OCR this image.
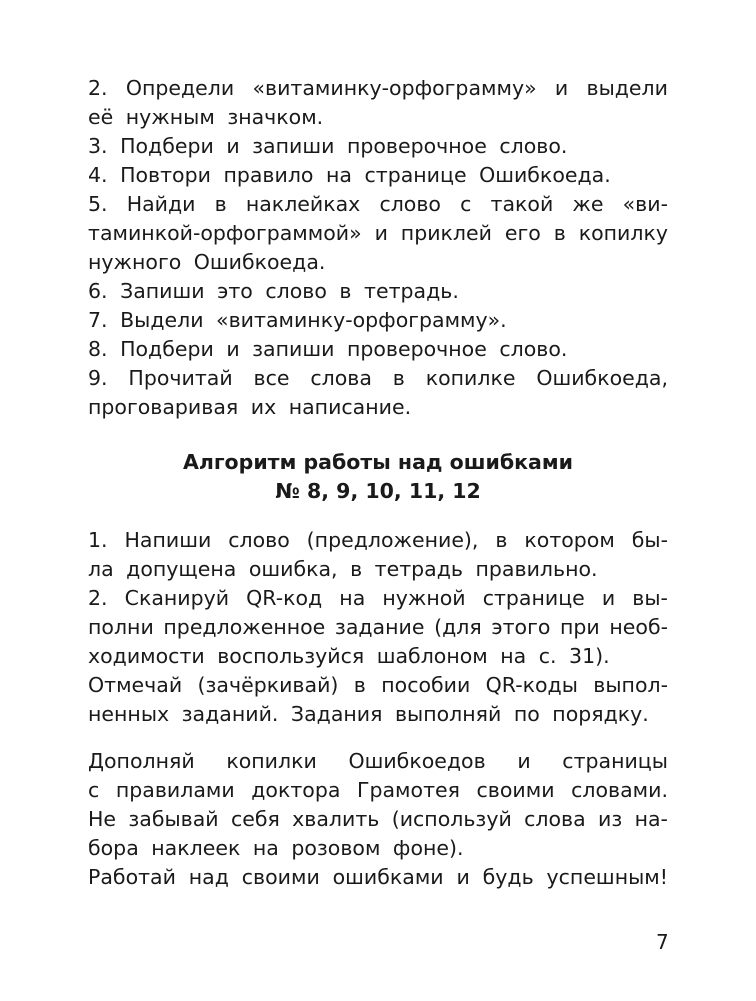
2. Определи «витаминку-орфограмму» и выдели
её нужным значком.
3. Подбери и запиши проверочное слово.
4. Повтори правило на странице Ошибкоеда.
5. Найди в наклейках слово с такой же «ви-
таминкой-орфограммой» и приклей его в копилку
нужного Ошибкоеда.
6. Запиши это слово в тетрадь.
7. Выдели «витаминку-орфограмму».
8. Подбери и запиши проверочное слово.
9. Прочитай все слова в копилке Ошибкоеда,
проговаривая их написание.
Алгоритм работы над ошибками
№ 8, 9, 10, 11, 12
1. Напиши слово (предложение), в котором бы-
ла допущена ошибка, в тетрадь правильно.
2. Сканируй QR-код на нужной странице и вы-
полни предложенное задание (для этого при необ-
ходимости воспользуйся шаблоном на с. 31).
Отмечай (зачёркивай) в пособии QR-коды выпол-
ненных заданий. Задания выполняй по порядку.
Дополняй копилки Ошибкоедов и страницы
с правилами доктора Грамотея своими словами.
Не забывай себя хвалить (используй слова из на-
бора наклеек на розовом фоне).
Работай над своими ошибками и будь успешным!
7
